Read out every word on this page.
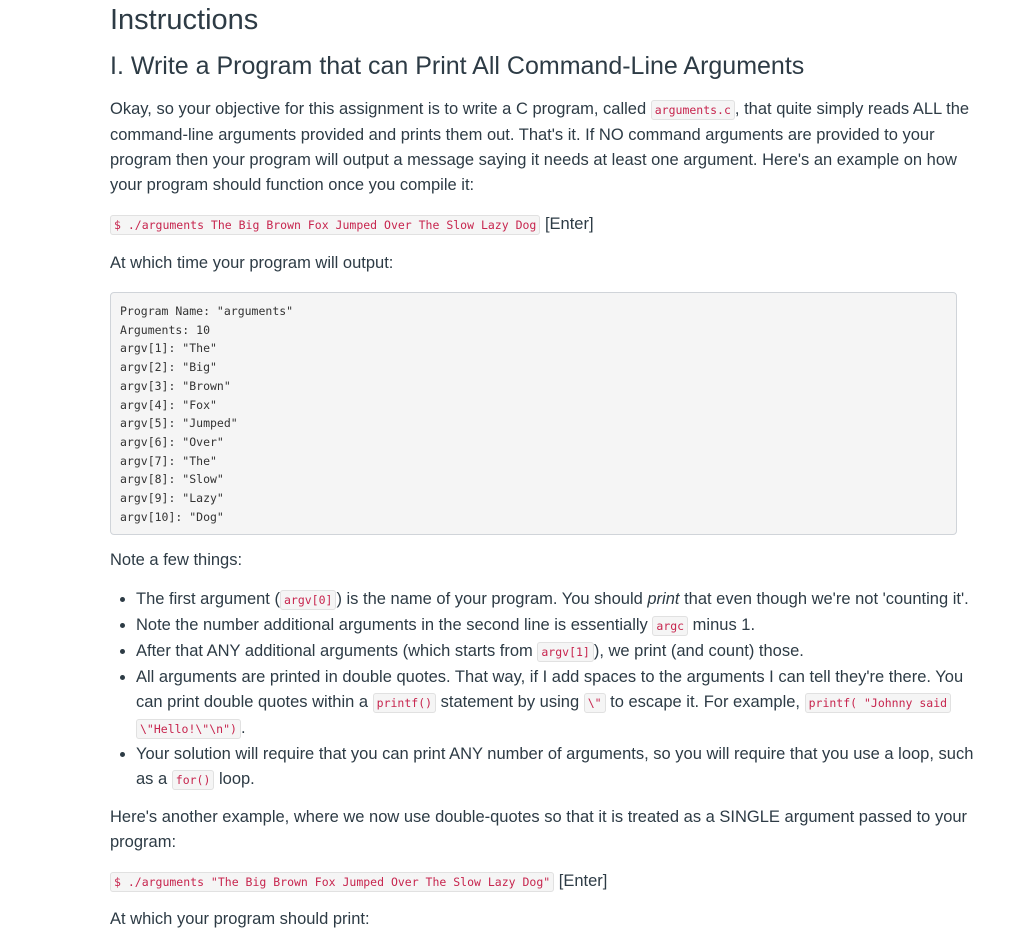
Instructions
I. Write a Program that can Print All Command-Line Arguments

Okay, so your objective for this assignment is to write a C program, called arguments.c , that quite simply reads ALL the command-line arguments provided and prints them out. That's it. If NO command arguments are provided to your program then your program will output a message saying it needs at least one argument. Here's an example on how your program should function once you compile it:

$ ./arguments The Big Brown Fox Jumped Over The Slow Lazy Dog [Enter]

At which time your program will output:

Program Name: "arguments"
Arguments: 10
argv[1]: "The"
argv[2]: "Big"
argv[3]: "Brown"
argv[4]: "Fox"
argv[5]: "Jumped"
argv[6]: "Over"
argv[7]: "The"
argv[8]: "Slow"
argv[9]: "Lazy"
argv[10]: "Dog"

Note a few things:

• The first argument ( argv[0] ) is the name of your program. You should print that even though we're not 'counting it'.
• Note the number additional arguments in the second line is essentially argc minus 1.
• After that ANY additional arguments (which starts from argv[1] ), we print (and count) those.
• All arguments are printed in double quotes. That way, if I add spaces to the arguments I can tell they're there. You can print double quotes within a printf() statement by using \" to escape it. For example, printf( "Johnny said
\"Hello!\"\n") .
• Your solution will require that you can print ANY number of arguments, so you will require that you use a loop, such as a for() loop.

Here's another example, where we now use double-quotes so that it is treated as a SINGLE argument passed to your program:

$ ./arguments "The Big Brown Fox Jumped Over The Slow Lazy Dog" [Enter]

At which your program should print:
